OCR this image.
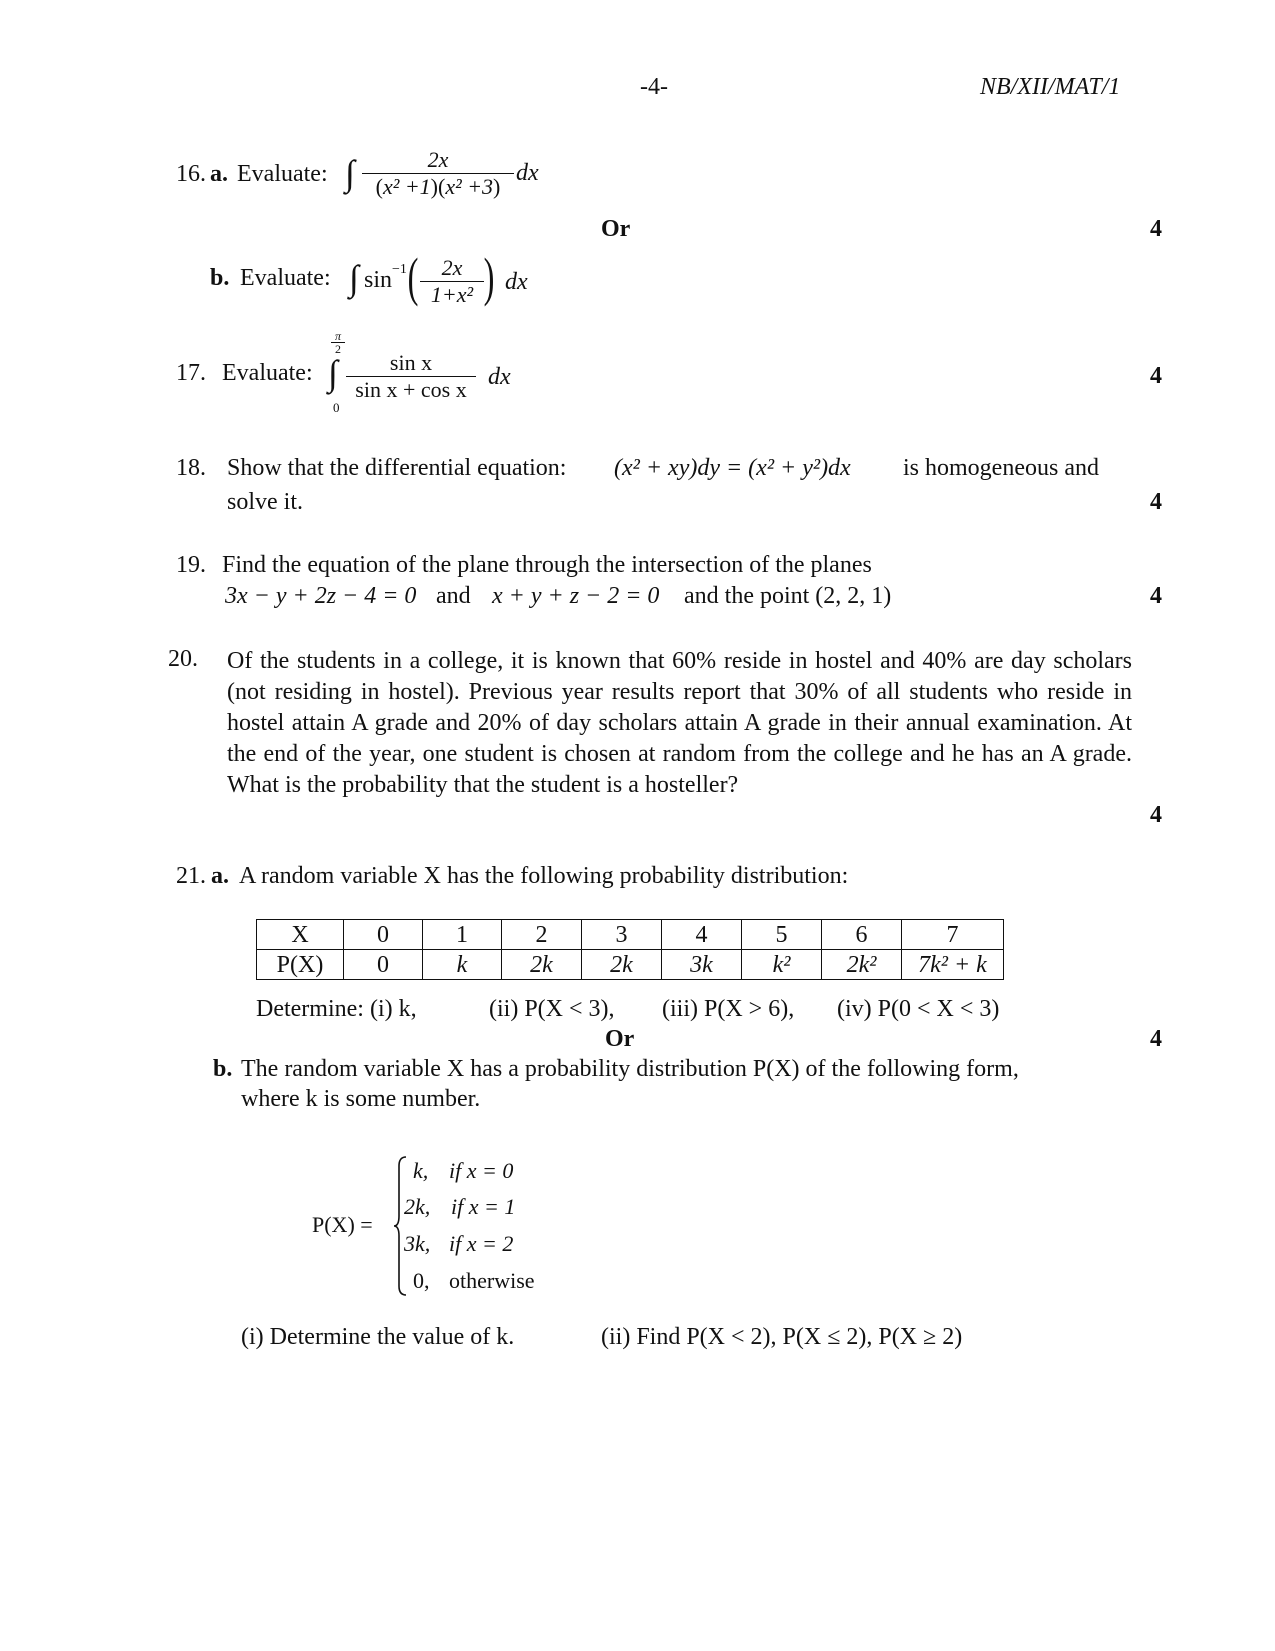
-4-	NB/XII/MAT/1
16. a. Evaluate: ∫	2x
(x² +1)(x² +3)
dx
Or	4
b. Evaluate: ∫ sin −1 (	2x
1+x² ) dx
17. Evaluate:
π
2
∫
0
sin x
sin x + cos x dx	4
18. Show that the differential equation: (x² + xy)dy = (x² + y²)dx is homogeneous and
solve it.	4
19. Find the equation of the plane through the intersection of the planes
3x − y + 2z − 4 = 0 and x + y + z − 2 = 0 and the point (2, 2, 1)	4
20. Of the students in a college, it is known that 60% reside in hostel and 40% are day scholars (not residing in hostel). Previous year results report that 30% of all students who reside in hostel attain A grade and 20% of day scholars attain A grade in their annual examination. At the end of the year, one student is chosen at random from the college and he has an A grade. What is the probability that the student is a hosteller?
4
21. a. A random variable X has the following probability distribution:
X	0	1	2	3	4	5	6	7
P(X)	0	k	2k	2k	3k	k²	2k²	7k² + k
Determine: (i) k,	(ii) P(X < 3), (iii) P(X > 6), (iv) P(0 < X < 3)
Or	4
b. The random variable X has a probability distribution P(X) of the following form,
where k is some number.
P(X) =
k, if x = 0
2k, if x = 1
3k, if x = 2
0, otherwise
(i) Determine the value of k.	(ii) Find P(X < 2), P(X ≤ 2), P(X ≥ 2)
